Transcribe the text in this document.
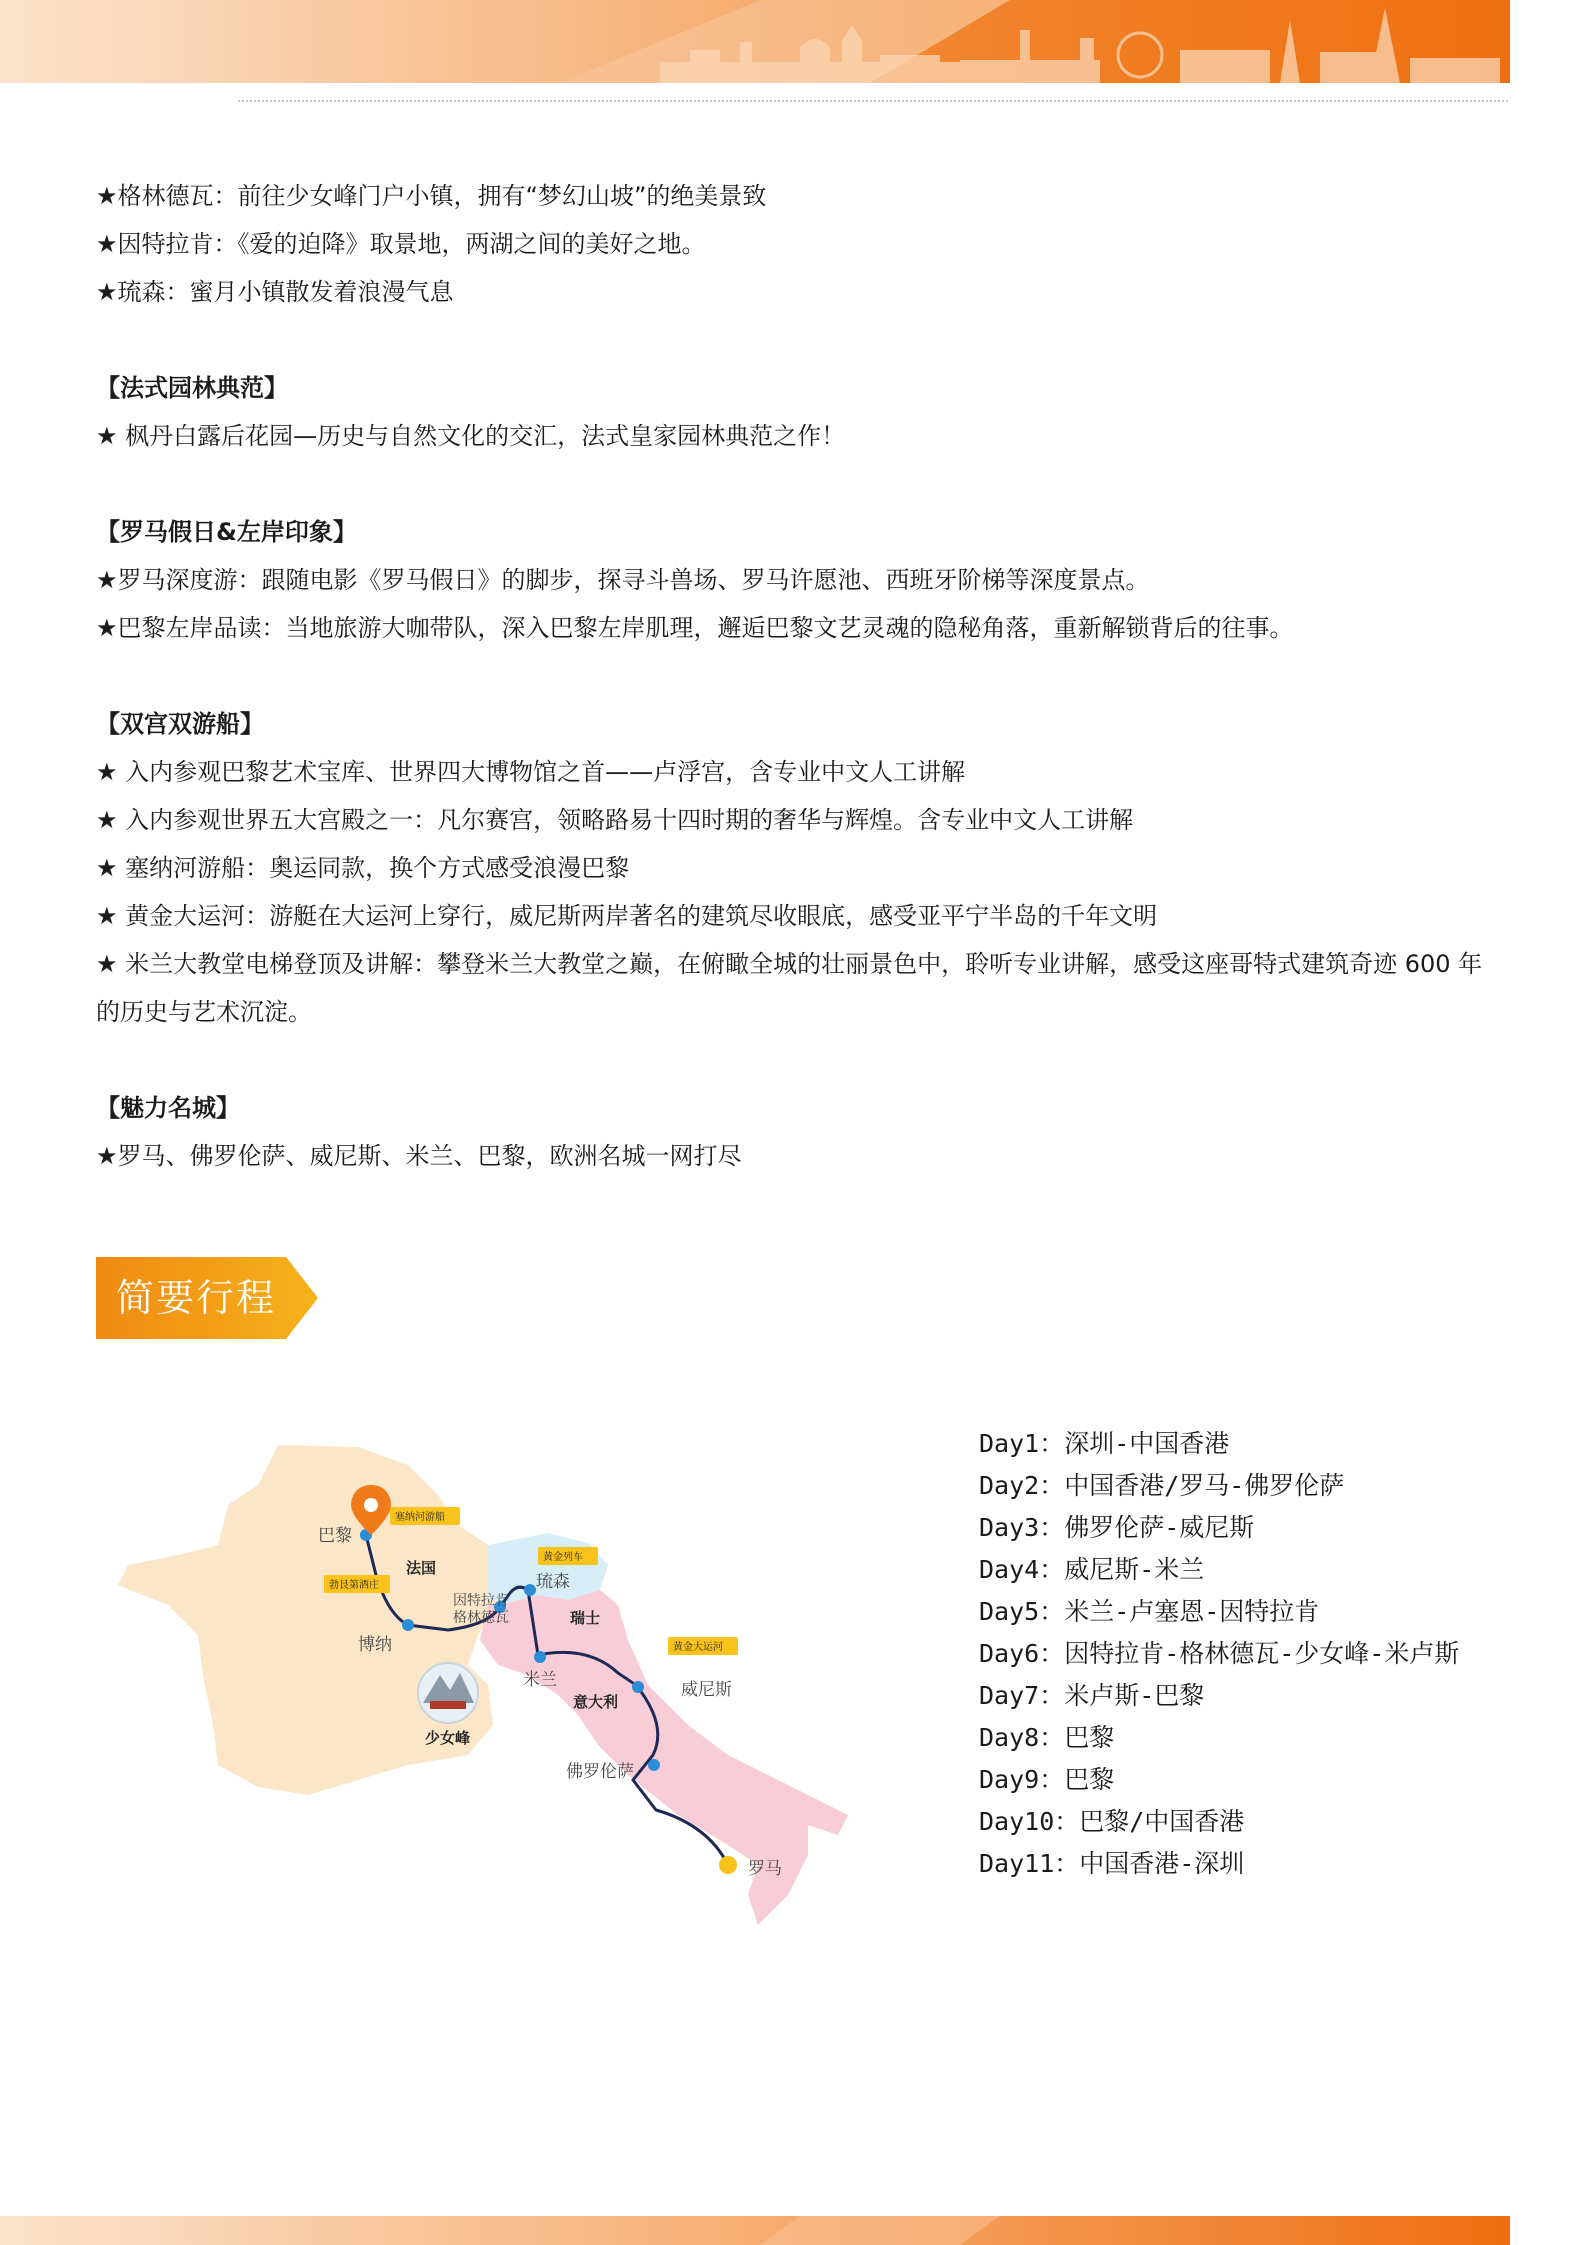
★格林德瓦：前往少女峰门户小镇，拥有“梦幻山坡”的绝美景致
★因特拉肯：《爱的迫降》取景地，两湖之间的美好之地。
★琉森：蜜月小镇散发着浪漫气息
【法式园林典范】
★ 枫丹白露后花园—历史与自然文化的交汇，法式皇家园林典范之作！
【罗马假日&左岸印象】
★罗马深度游：跟随电影《罗马假日》的脚步，探寻斗兽场、罗马许愿池、西班牙阶梯等深度景点。
★巴黎左岸品读：当地旅游大咖带队，深入巴黎左岸肌理，邂逅巴黎文艺灵魂的隐秘角落，重新解锁背后的往事。
【双宫双游船】
★ 入内参观巴黎艺术宝库、世界四大博物馆之首——卢浮宫，含专业中文人工讲解
★ 入内参观世界五大宫殿之一：凡尔赛宫，领略路易十四时期的奢华与辉煌。含专业中文人工讲解
★ 塞纳河游船：奥运同款，换个方式感受浪漫巴黎
★ 黄金大运河：游艇在大运河上穿行，威尼斯两岸著名的建筑尽收眼底，感受亚平宁半岛的千年文明
★ 米兰大教堂电梯登顶及讲解：攀登米兰大教堂之巅，在俯瞰全城的壮丽景色中，聆听专业讲解，感受这座哥特式建筑奇迹 600 年的历史与艺术沉淀。
【魅力名城】
★罗马、佛罗伦萨、威尼斯、米兰、巴黎，欧洲名城一网打尽
简要行程
塞纳河游船
勃艮第酒庄
黄金列车
黄金大运河
巴黎
博纳
因特拉肯
格林德瓦
琉森
米兰	威尼斯
佛罗伦萨
罗马
少女峰
法国
瑞士
意大利
Day1：深圳-中国香港
Day2：中国香港/罗马-佛罗伦萨
Day3：佛罗伦萨-威尼斯
Day4：威尼斯-米兰
Day5：米兰-卢塞恩-因特拉肯
Day6：因特拉肯-格林德瓦-少女峰-米卢斯
Day7：米卢斯-巴黎
Day8：巴黎
Day9：巴黎
Day10：巴黎/中国香港
Day11：中国香港-深圳
